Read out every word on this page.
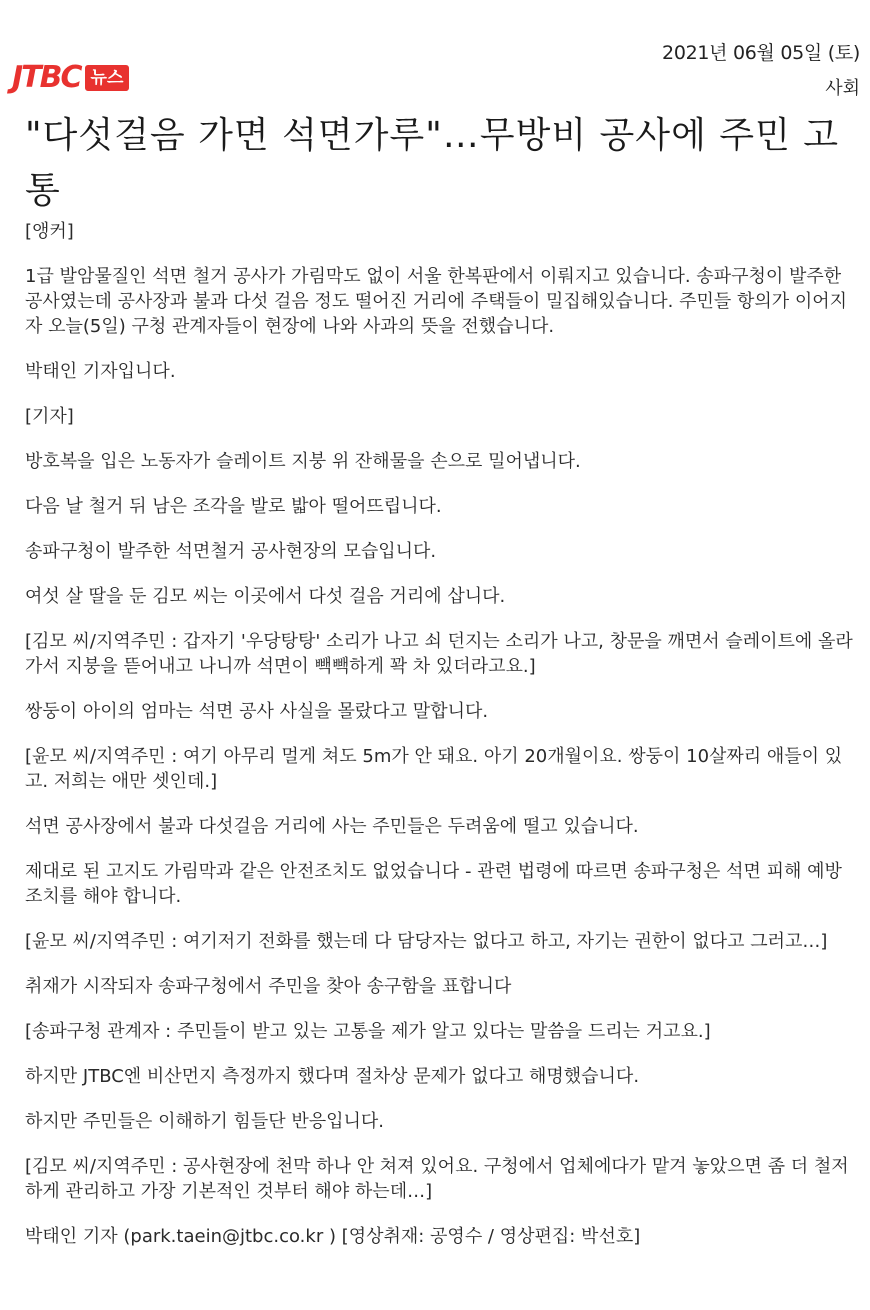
JTBC 뉴스
2021년 06월 05일 (토)
사회
"다섯걸음 가면 석면가루"…무방비 공사에 주민 고통

[앵커]

1급 발암물질인 석면 철거 공사가 가림막도 없이 서울 한복판에서 이뤄지고 있습니다. 송파구청이 발주한 공사였는데 공사장과 불과 다섯 걸음 정도 떨어진 거리에 주택들이 밀집해있습니다. 주민들 항의가 이어지자 오늘(5일) 구청 관계자들이 현장에 나와 사과의 뜻을 전했습니다.

박태인 기자입니다.

[기자]

방호복을 입은 노동자가 슬레이트 지붕 위 잔해물을 손으로 밀어냅니다.

다음 날 철거 뒤 남은 조각을 발로 밟아 떨어뜨립니다.

송파구청이 발주한 석면철거 공사현장의 모습입니다.

여섯 살 딸을 둔 김모 씨는 이곳에서 다섯 걸음 거리에 삽니다.

[김모 씨/지역주민 : 갑자기 '우당탕탕' 소리가 나고 쇠 던지는 소리가 나고, 창문을 깨면서 슬레이트에 올라가서 지붕을 뜯어내고 나니까 석면이 빽빽하게 꽉 차 있더라고요.]

쌍둥이 아이의 엄마는 석면 공사 사실을 몰랐다고 말합니다.

[윤모 씨/지역주민 : 여기 아무리 멀게 쳐도 5m가 안 돼요. 아기 20개월이요. 쌍둥이 10살짜리 애들이 있고. 저희는 애만 셋인데.]

석면 공사장에서 불과 다섯걸음 거리에 사는 주민들은 두려움에 떨고 있습니다.

제대로 된 고지도 가림막과 같은 안전조치도 없었습니다 - 관련 법령에 따르면 송파구청은 석면 피해 예방조치를 해야 합니다.

[윤모 씨/지역주민 : 여기저기 전화를 했는데 다 담당자는 없다고 하고, 자기는 권한이 없다고 그러고…]

취재가 시작되자 송파구청에서 주민을 찾아 송구함을 표합니다

[송파구청 관계자 : 주민들이 받고 있는 고통을 제가 알고 있다는 말씀을 드리는 거고요.]

하지만 JTBC엔 비산먼지 측정까지 했다며 절차상 문제가 없다고 해명했습니다.

하지만 주민들은 이해하기 힘들단 반응입니다.

[김모 씨/지역주민 : 공사현장에 천막 하나 안 쳐져 있어요. 구청에서 업체에다가 맡겨 놓았으면 좀 더 철저하게 관리하고 가장 기본적인 것부터 해야 하는데…]

박태인 기자 (park.taein@jtbc.co.kr ) [영상취재: 공영수 / 영상편집: 박선호]
